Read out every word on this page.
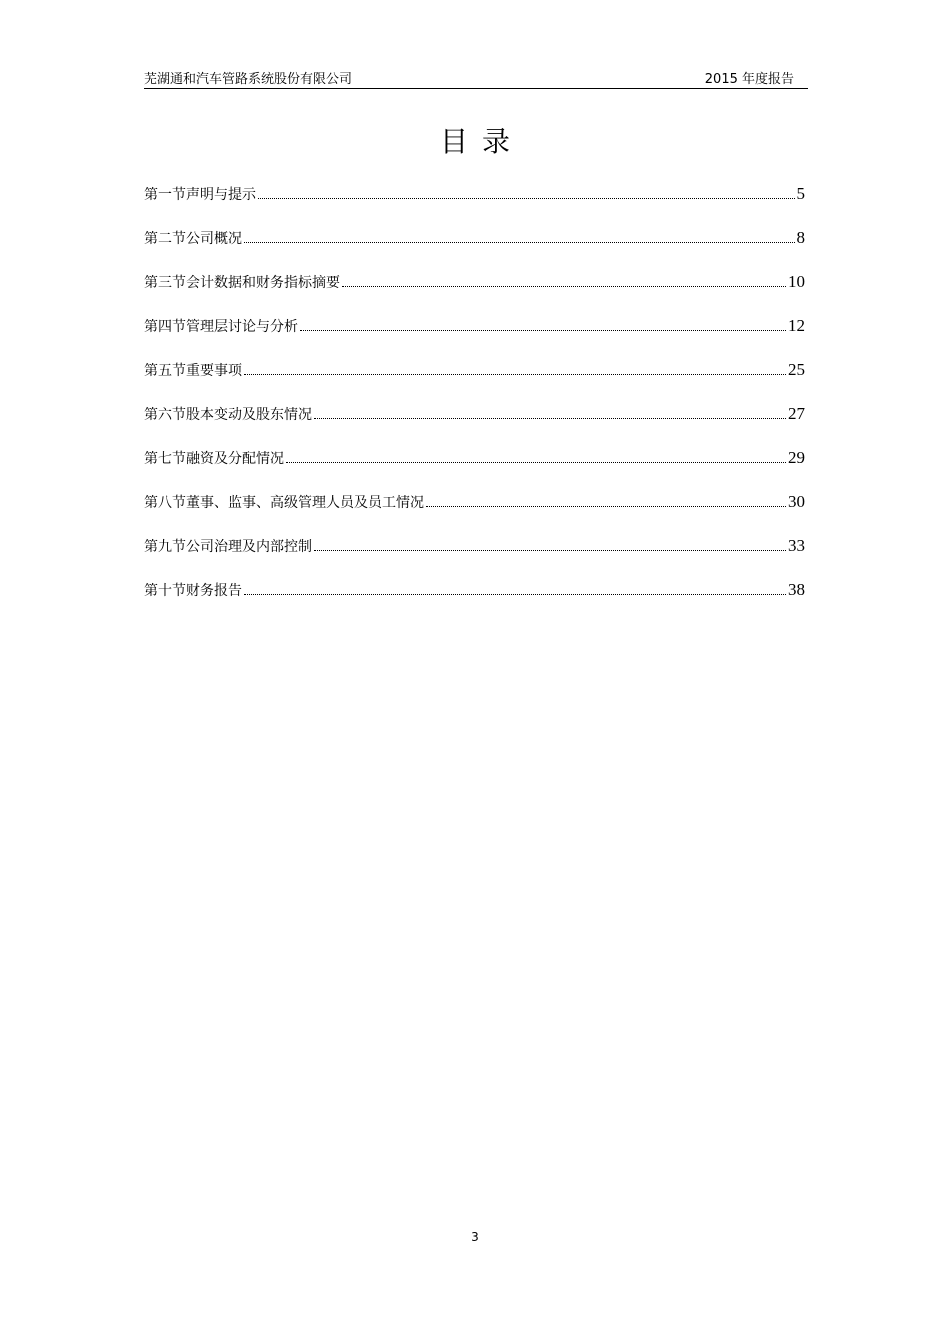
芜湖通和汽车管路系统股份有限公司	2015 年度报告
目录
第一节声明与提示	5
第二节公司概况	8
第三节会计数据和财务指标摘要	10
第四节管理层讨论与分析	12
第五节重要事项	25
第六节股本变动及股东情况	27
第七节融资及分配情况	29
第八节董事、监事、高级管理人员及员工情况	30
第九节公司治理及内部控制	33
第十节财务报告	38
3
